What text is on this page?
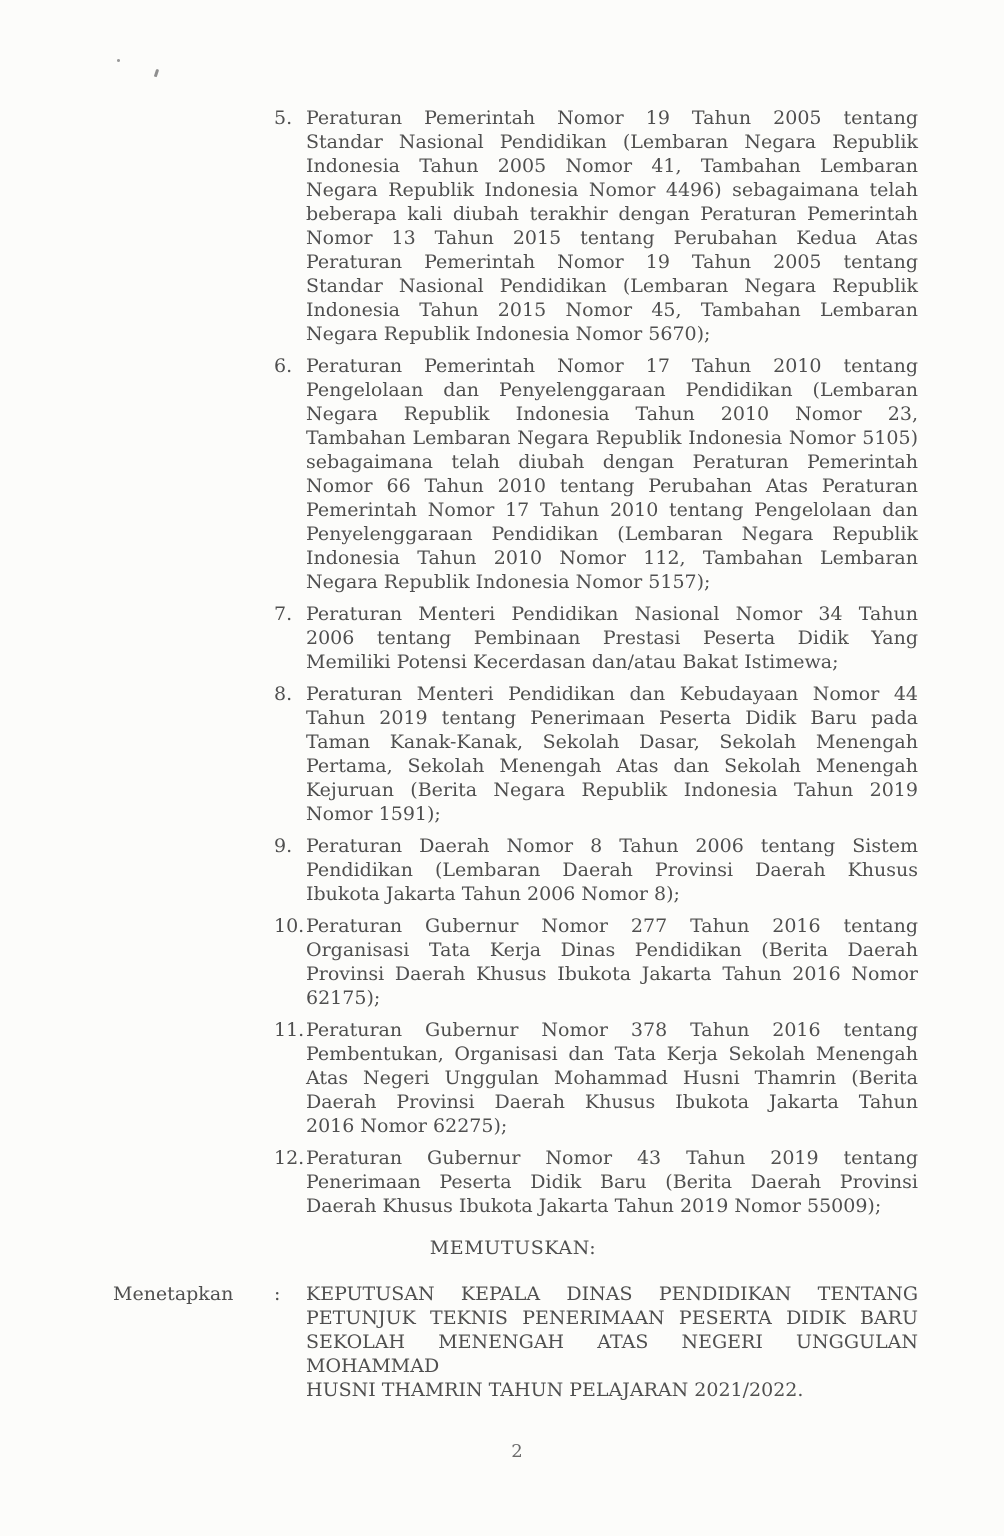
5. Peraturan Pemerintah Nomor 19 Tahun 2005 tentang
Standar Nasional Pendidikan (Lembaran Negara Republik
Indonesia Tahun 2005 Nomor 41, Tambahan Lembaran
Negara Republik Indonesia Nomor 4496) sebagaimana telah
beberapa kali diubah terakhir dengan Peraturan Pemerintah
Nomor 13 Tahun 2015 tentang Perubahan Kedua Atas
Peraturan Pemerintah Nomor 19 Tahun 2005 tentang
Standar Nasional Pendidikan (Lembaran Negara Republik
Indonesia Tahun 2015 Nomor 45, Tambahan Lembaran
Negara Republik Indonesia Nomor 5670);
6. Peraturan Pemerintah Nomor 17 Tahun 2010 tentang
Pengelolaan dan Penyelenggaraan Pendidikan (Lembaran
Negara Republik Indonesia Tahun 2010 Nomor 23,
Tambahan Lembaran Negara Republik Indonesia Nomor 5105)
sebagaimana telah diubah dengan Peraturan Pemerintah
Nomor 66 Tahun 2010 tentang Perubahan Atas Peraturan
Pemerintah Nomor 17 Tahun 2010 tentang Pengelolaan dan
Penyelenggaraan Pendidikan (Lembaran Negara Republik
Indonesia Tahun 2010 Nomor 112, Tambahan Lembaran
Negara Republik Indonesia Nomor 5157);
7. Peraturan Menteri Pendidikan Nasional Nomor 34 Tahun
2006 tentang Pembinaan Prestasi Peserta Didik Yang
Memiliki Potensi Kecerdasan dan/atau Bakat Istimewa;
8. Peraturan Menteri Pendidikan dan Kebudayaan Nomor 44
Tahun 2019 tentang Penerimaan Peserta Didik Baru pada
Taman Kanak-Kanak, Sekolah Dasar, Sekolah Menengah
Pertama, Sekolah Menengah Atas dan Sekolah Menengah
Kejuruan (Berita Negara Republik Indonesia Tahun 2019
Nomor 1591);
9. Peraturan Daerah Nomor 8 Tahun 2006 tentang Sistem
Pendidikan (Lembaran Daerah Provinsi Daerah Khusus
Ibukota Jakarta Tahun 2006 Nomor 8);
10. Peraturan Gubernur Nomor 277 Tahun 2016 tentang
Organisasi Tata Kerja Dinas Pendidikan (Berita Daerah
Provinsi Daerah Khusus Ibukota Jakarta Tahun 2016 Nomor
62175);
11. Peraturan Gubernur Nomor 378 Tahun 2016 tentang
Pembentukan, Organisasi dan Tata Kerja Sekolah Menengah
Atas Negeri Unggulan Mohammad Husni Thamrin (Berita
Daerah Provinsi Daerah Khusus Ibukota Jakarta Tahun
2016 Nomor 62275);
12. Peraturan Gubernur Nomor 43 Tahun 2019 tentang
Penerimaan Peserta Didik Baru (Berita Daerah Provinsi
Daerah Khusus Ibukota Jakarta Tahun 2019 Nomor 55009);
MEMUTUSKAN:
Menetapkan	:	KEPUTUSAN KEPALA DINAS PENDIDIKAN TENTANG
PETUNJUK TEKNIS PENERIMAAN PESERTA DIDIK BARU
SEKOLAH MENENGAH ATAS NEGERI UNGGULAN MOHAMMAD
HUSNI THAMRIN TAHUN PELAJARAN 2021/2022.
2
